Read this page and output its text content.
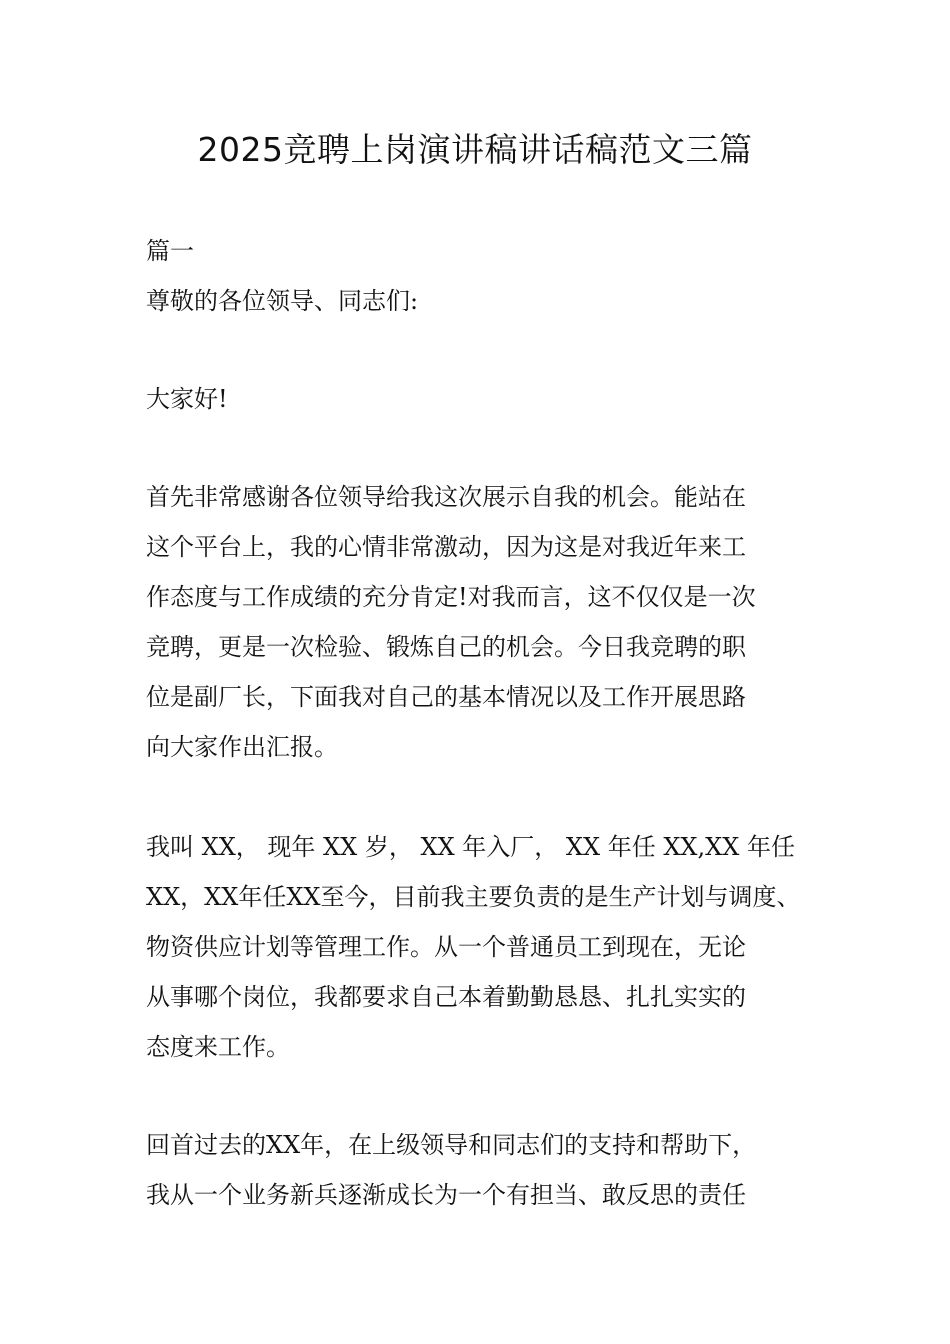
2025竞聘上岗演讲稿讲话稿范文三篇
篇一
尊敬的各位领导、同志们:
大家好!
首先非常感谢各位领导给我这次展示自我的机会。能站在
这个平台上，我的心情非常激动，因为这是对我近年来工
作态度与工作成绩的充分肯定!对我而言，这不仅仅是一次
竞聘，更是一次检验、锻炼自己的机会。今日我竞聘的职
位是副厂长，下面我对自己的基本情况以及工作开展思路
向大家作出汇报。
我叫 XX， 现年 XX 岁， XX 年入厂， XX 年任 XX,XX 年任
XX，XX年任XX至今，目前我主要负责的是生产计划与调度、
物资供应计划等管理工作。从一个普通员工到现在，无论
从事哪个岗位，我都要求自己本着勤勤恳恳、扎扎实实的
态度来工作。
回首过去的XX年，在上级领导和同志们的支持和帮助下，
我从一个业务新兵逐渐成长为一个有担当、敢反思的责任
